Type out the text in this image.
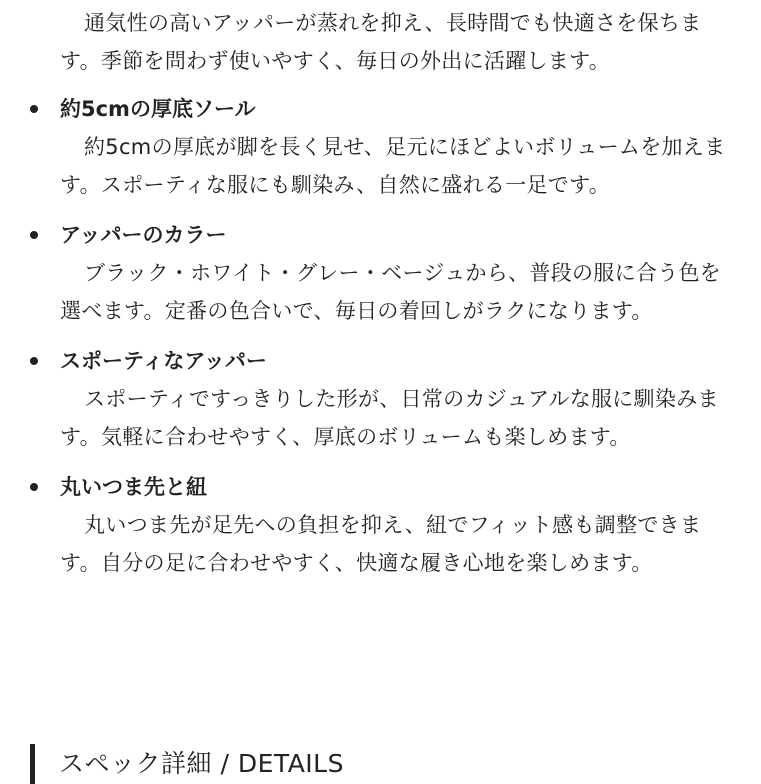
通気性の高いアッパーが蒸れを抑え、長時間でも快適さを保ちます。季節を問わず使いやすく、毎日の外出に活躍します。

約5cmの厚底ソール

約5cmの厚底が脚を長く見せ、足元にほどよいボリュームを加えます。スポーティな服にも馴染み、自然に盛れる一足です。

アッパーのカラー

ブラック・ホワイト・グレー・ベージュから、普段の服に合う色を選べます。定番の色合いで、毎日の着回しがラクになります。

スポーティなアッパー

スポーティですっきりした形が、日常のカジュアルな服に馴染みます。気軽に合わせやすく、厚底のボリュームも楽しめます。

丸いつま先と紐

丸いつま先が足先への負担を抑え、紐でフィット感も調整できます。自分の足に合わせやすく、快適な履き心地を楽しめます。

スペック詳細 / DETAILS
